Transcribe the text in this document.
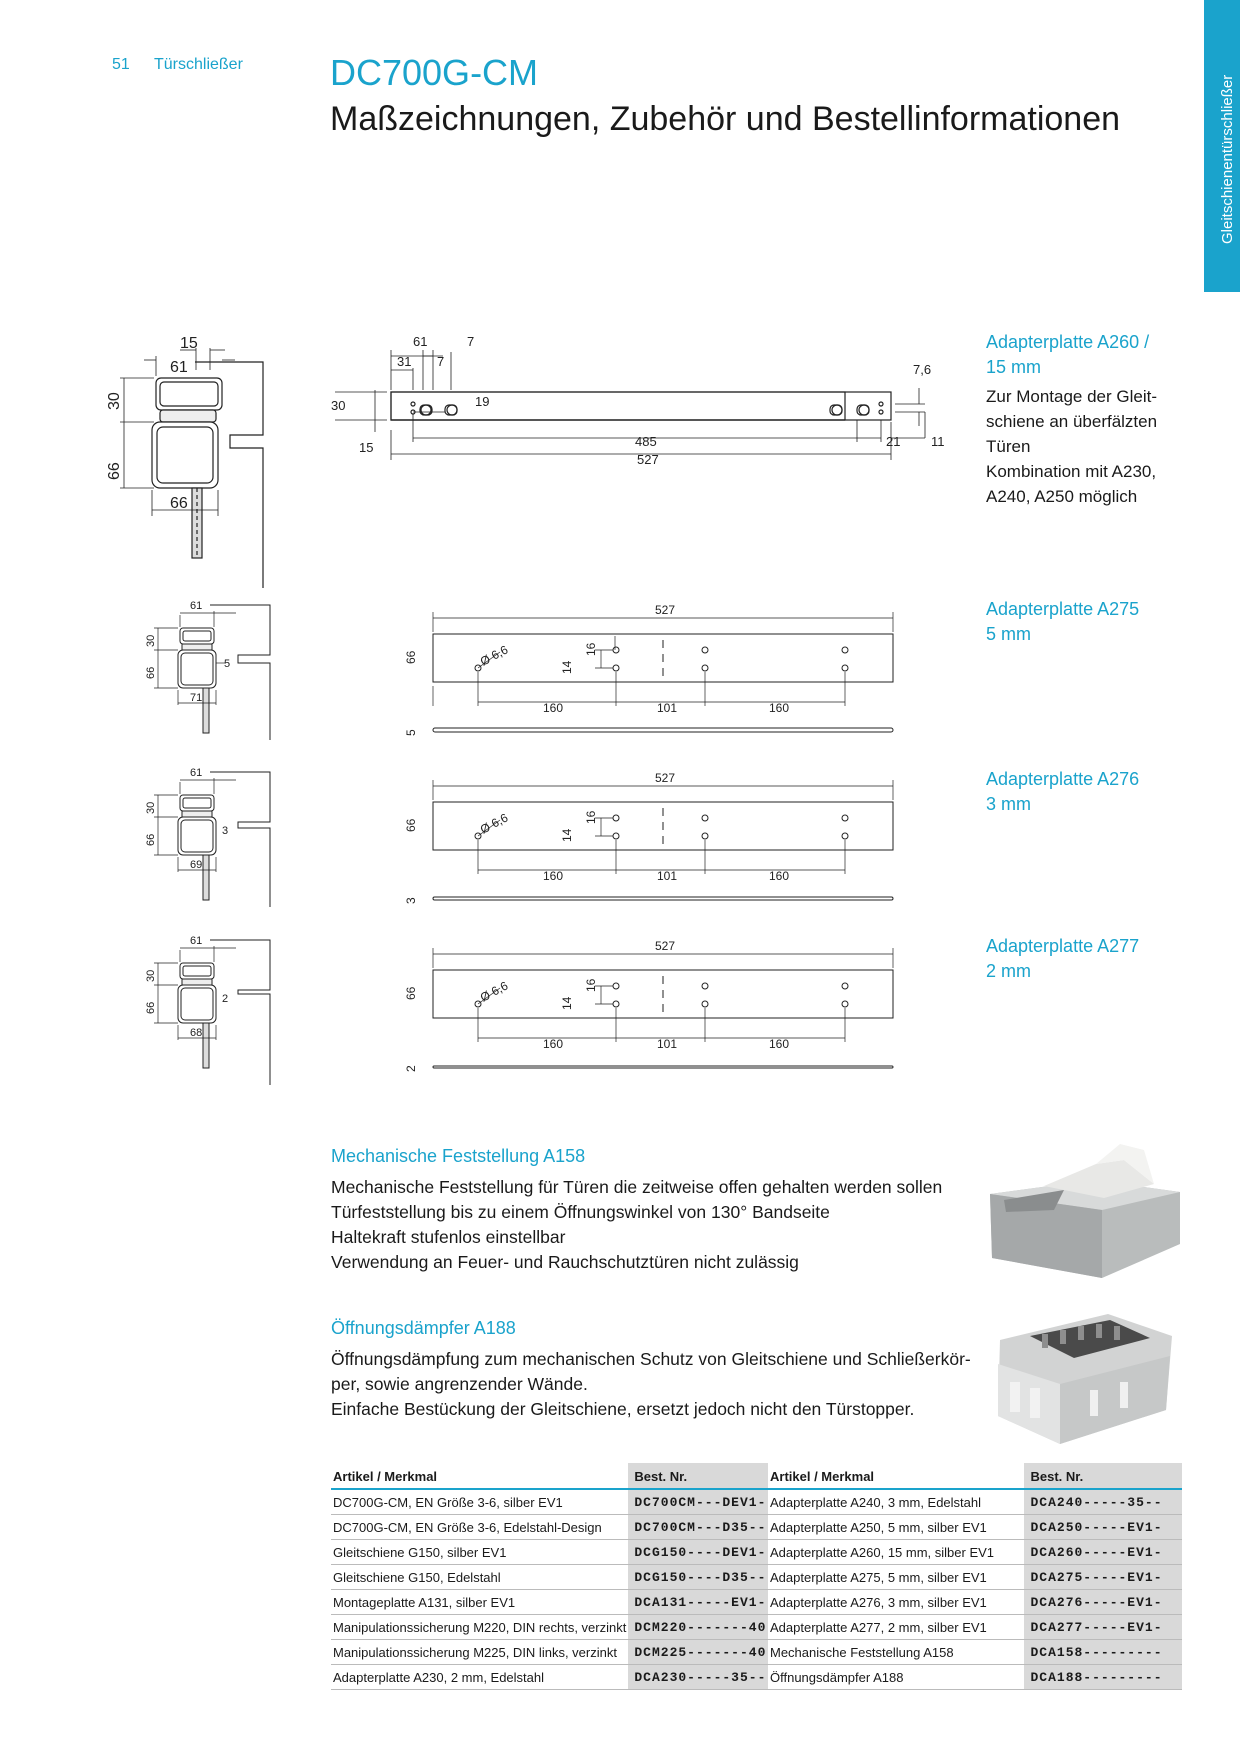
51 Türschließer DC700G-CM
Maßzeichnungen, Zubehör und Bestellinformationen	Gleitschienentürschließer
15
61
30
66
66
61	7
31 7
7,6
30	19
15	485	21 11
527
Adapterplatte A260 /
15 mm
Zur Montage der Gleit-
schiene an überfälzten
Türen
Kombination mit A230,
A240, A250 möglich
61
30
66
5
71
527
66	Ø 6,6	14
16
160	101	160
5
Adapterplatte A275
5 mm
61
30
66
3
69
527
66	Ø 6,6	14
16
160	101	160
3
Adapterplatte A276
3 mm
61
30
66
2
68
527
66	Ø 6,6	14
16
160	101	160
2
Adapterplatte A277
2 mm
Mechanische Feststellung A158
Mechanische Feststellung für Türen die zeitweise offen gehalten werden sollen
Türfeststellung bis zu einem Öffnungswinkel von 130° Bandseite
Haltekraft stufenlos einstellbar
Verwendung an Feuer- und Rauchschutztüren nicht zulässig
Öffnungsdämpfer A188
Öffnungsdämpfung zum mechanischen Schutz von Gleitschiene und Schließerkör-
per, sowie angrenzender Wände.
Einfache Bestückung der Gleitschiene, ersetzt jedoch nicht den Türstopper.
Artikel / Merkmal	Best. Nr.
DC700G-CM, EN Größe 3-6, silber EV1	DC700CM---DEV1-
DC700G-CM, EN Größe 3-6, Edelstahl-Design	DC700CM---D35--
Gleitschiene G150, silber EV1	DCG150----DEV1-
Gleitschiene G150, Edelstahl	DCG150----D35--
Montageplatte A131, silber EV1	DCA131-----EV1-
Manipulationssicherung M220, DIN rechts, verzinkt	DCM220-------40
Manipulationssicherung M225, DIN links, verzinkt	DCM225-------40
Adapterplatte A230, 2 mm, Edelstahl	DCA230-----35--
Artikel / Merkmal	Best. Nr.
Adapterplatte A240, 3 mm, Edelstahl	DCA240-----35--
Adapterplatte A250, 5 mm, silber EV1	DCA250-----EV1-
Adapterplatte A260, 15 mm, silber EV1	DCA260-----EV1-
Adapterplatte A275, 5 mm, silber EV1	DCA275-----EV1-
Adapterplatte A276, 3 mm, silber EV1	DCA276-----EV1-
Adapterplatte A277, 2 mm, silber EV1	DCA277-----EV1-
Mechanische Feststellung A158	DCA158---------
Öffnungsdämpfer A188	DCA188---------
